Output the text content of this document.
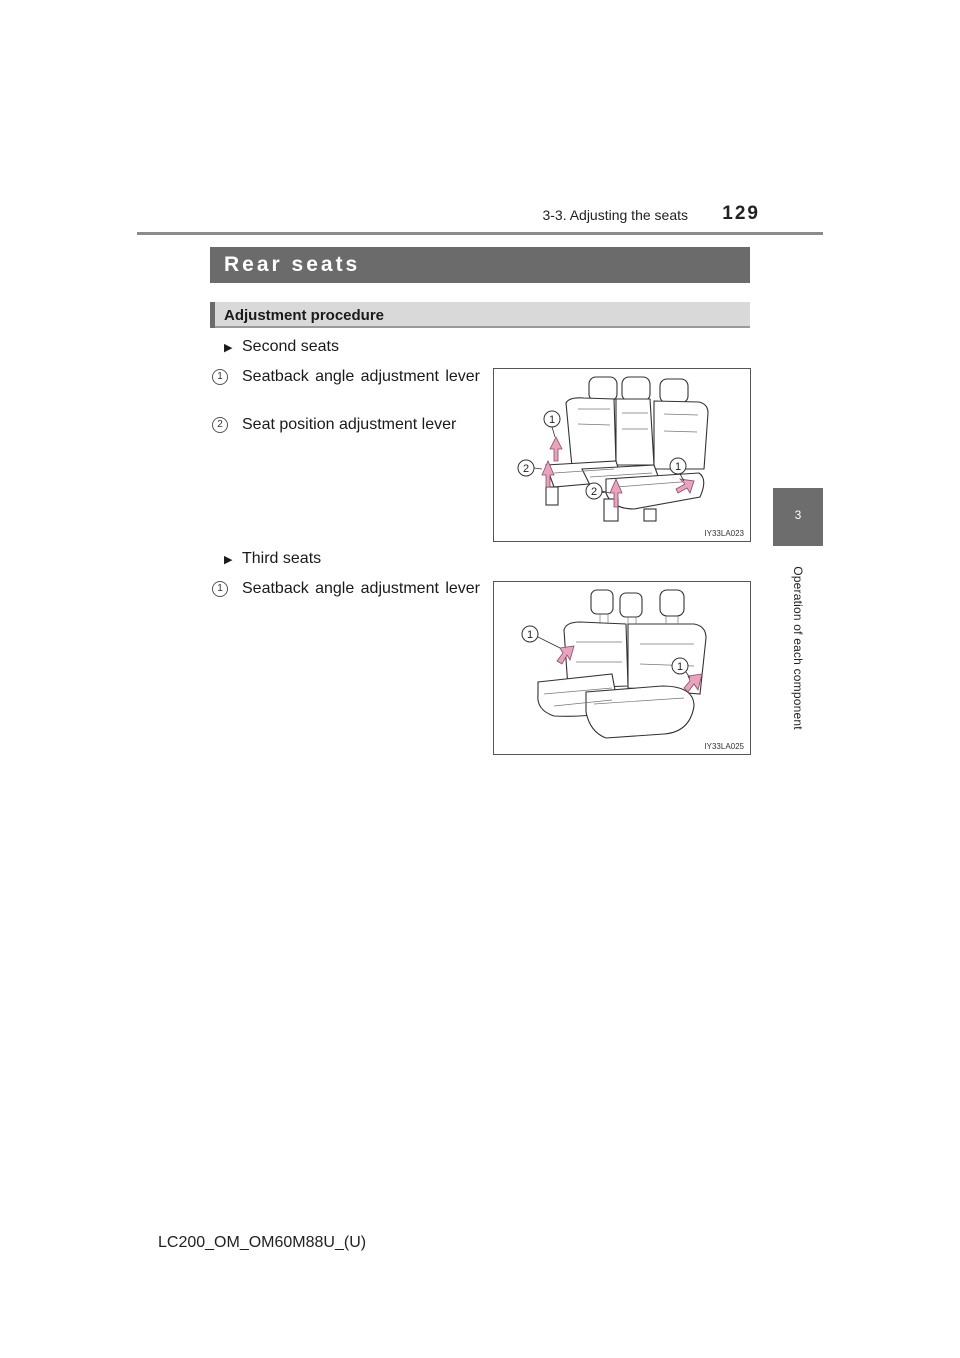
3-3. Adjusting the seats	129
3
Operation of each component
Rear seats
Adjustment procedure
▶ Second seats
1	Seatback angle adjustment lever
2	Seat position adjustment lever	1
2	1
2
IY33LA023
▶ Third seats
1	Seatback angle adjustment lever
1
1
IY33LA025
LC200_OM_OM60M88U_(U)
